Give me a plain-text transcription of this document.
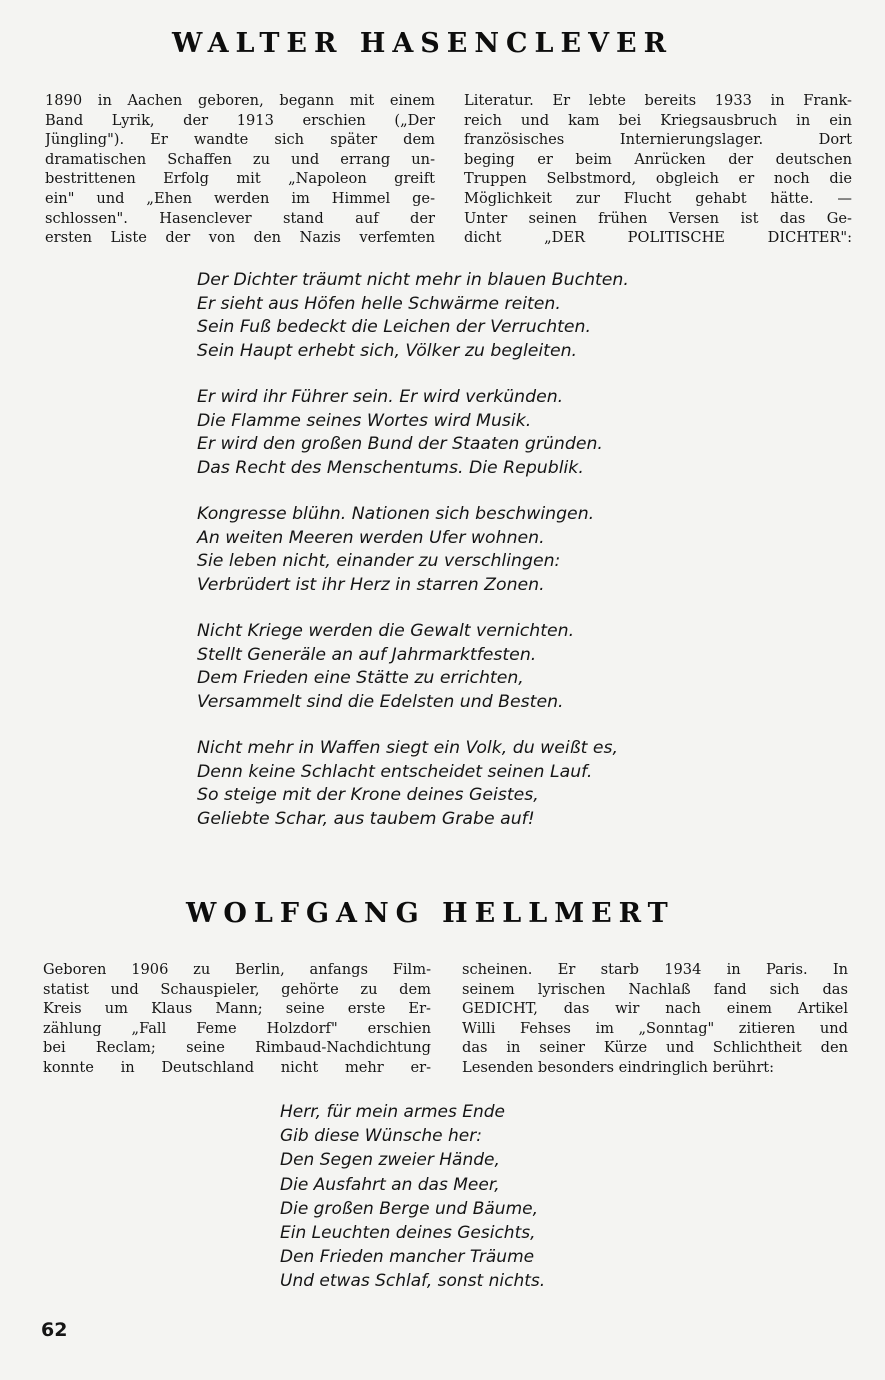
WALTER HASENCLEVER
1890 in Aachen geboren, begann mit einem
Band Lyrik, der 1913 erschien („Der
Jüngling"). Er wandte sich später dem
dramatischen Schaffen zu und errang un-
bestrittenen Erfolg mit „Napoleon greift
ein" und „Ehen werden im Himmel ge-
schlossen". Hasenclever stand auf der
ersten Liste der von den Nazis verfemten
Literatur. Er lebte bereits 1933 in Frank-
reich und kam bei Kriegsausbruch in ein
französisches Internierungslager. Dort
beging er beim Anrücken der deutschen
Truppen Selbstmord, obgleich er noch die
Möglichkeit zur Flucht gehabt hätte. —
Unter seinen frühen Versen ist das Ge-
dicht „DER POLITISCHE DICHTER":
Der Dichter träumt nicht mehr in blauen Buchten.
Er sieht aus Höfen helle Schwärme reiten.
Sein Fuß bedeckt die Leichen der Verruchten.
Sein Haupt erhebt sich, Völker zu begleiten.
Er wird ihr Führer sein. Er wird verkünden.
Die Flamme seines Wortes wird Musik.
Er wird den großen Bund der Staaten gründen.
Das Recht des Menschentums. Die Republik.
Kongresse blühn. Nationen sich beschwingen.
An weiten Meeren werden Ufer wohnen.
Sie leben nicht, einander zu verschlingen:
Verbrüdert ist ihr Herz in starren Zonen.
Nicht Kriege werden die Gewalt vernichten.
Stellt Generäle an auf Jahrmarktfesten.
Dem Frieden eine Stätte zu errichten,
Versammelt sind die Edelsten und Besten.
Nicht mehr in Waffen siegt ein Volk, du weißt es,
Denn keine Schlacht entscheidet seinen Lauf.
So steige mit der Krone deines Geistes,
Geliebte Schar, aus taubem Grabe auf!
WOLFGANG HELLMERT
Geboren 1906 zu Berlin, anfangs Film-
statist und Schauspieler, gehörte zu dem
Kreis um Klaus Mann; seine erste Er-
zählung „Fall Feme Holzdorf" erschien
bei Reclam; seine Rimbaud-Nachdichtung
konnte in Deutschland nicht mehr er-
scheinen. Er starb 1934 in Paris. In
seinem lyrischen Nachlaß fand sich das
GEDICHT, das wir nach einem Artikel
Willi Fehses im „Sonntag" zitieren und
das in seiner Kürze und Schlichtheit den
Lesenden besonders eindringlich berührt:
Herr, für mein armes Ende
Gib diese Wünsche her:
Den Segen zweier Hände,
Die Ausfahrt an das Meer,
Die großen Berge und Bäume,
Ein Leuchten deines Gesichts,
Den Frieden mancher Träume
Und etwas Schlaf, sonst nichts.
62
